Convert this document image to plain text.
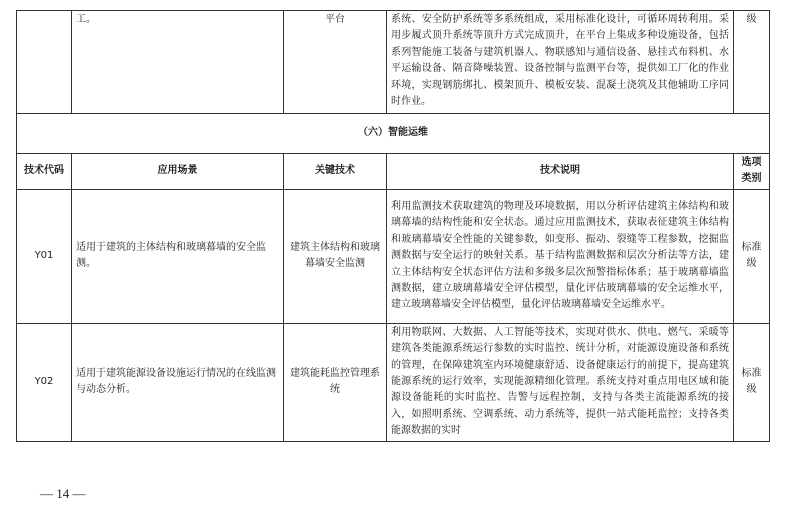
	工。	平台	系统、安全防护系统等多系统组成，采用标准化设计，可循环周转利用。采用步履式顶升系统等顶升方式完成顶升，在平台上集成多种设施设备，包括系列智能施工装备与建筑机器人、物联感知与通信设备、悬挂式布料机、水平运输设备、隔音降噪装置、设备控制与监测平台等，提供如工厂化的作业环境，实现钢筋绑扎、模架顶升、模板安装、混凝土浇筑及其他辅助工序同时作业。	级
（六）智能运维				
技术代码	应用场景	关键技术	技术说明	选项类别
Y01	适用于建筑的主体结构和玻璃幕墙的安全监测。	建筑主体结构和玻璃幕墙安全监测	利用监测技术获取建筑的物理及环境数据，用以分析评估建筑主体结构和玻璃幕墙的结构性能和安全状态。通过应用监测技术，获取表征建筑主体结构和玻璃幕墙安全性能的关键参数，如变形、振动、裂缝等工程参数，挖掘监测数据与安全运行的映射关系。基于结构监测数据和层次分析法等方法，建立主体结构安全状态评估方法和多级多层次预警指标体系；基于玻璃幕墙监测数据，建立玻璃幕墙安全评估模型，量化评估玻璃幕墙的安全运维水平，建立玻璃幕墙安全评估模型，量化评估玻璃幕墙安全运维水平。	标准级
Y02	适用于建筑能源设备设施运行情况的在线监测与动态分析。	建筑能耗监控管理系统	利用物联网、大数据、人工智能等技术，实现对供水、供电、燃气、采暖等建筑各类能源系统运行参数的实时监控、统计分析，对能源设施设备和系统的管理，在保障建筑室内环境健康舒适、设备健康运行的前提下，提高建筑能源系统的运行效率，实现能源精细化管理。系统支持对重点用电区域和能源设备能耗的实时监控、告警与远程控制，支持与各类主流能源系统的接入，如照明系统、空调系统、动力系统等，提供一站式能耗监控；支持各类能源数据的实时	标准级
— 14 —
